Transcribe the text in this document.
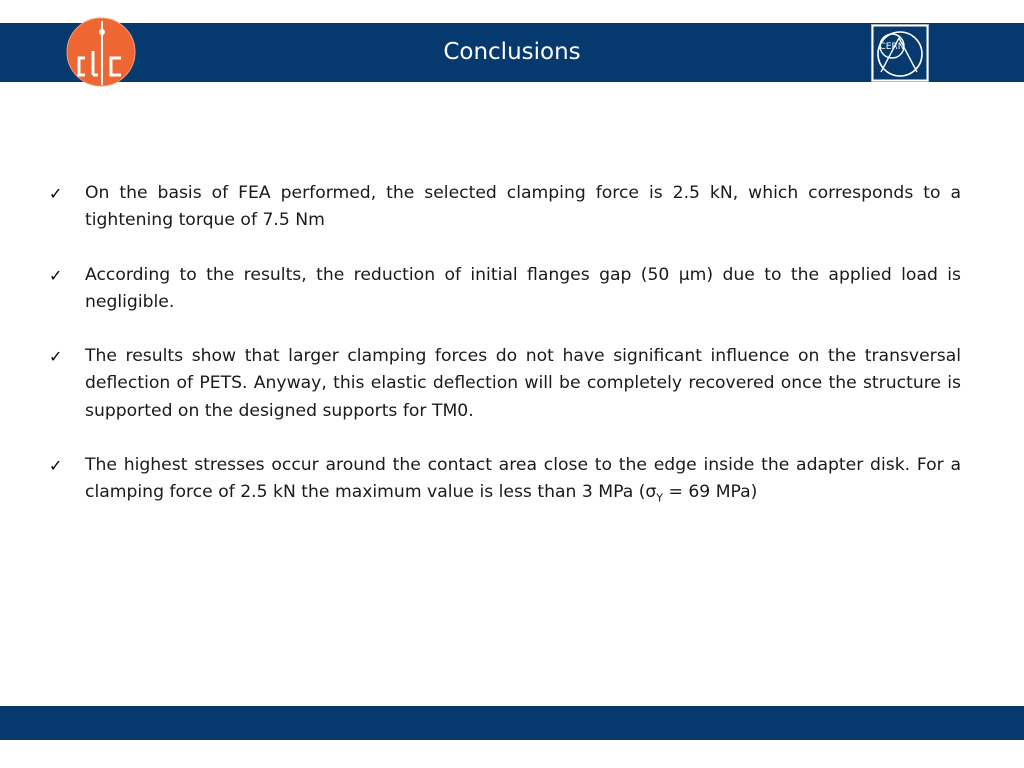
Conclusions	CERN
✓ On the basis of FEA performed, the selected clamping force is 2.5 kN, which corresponds to a tightening torque of 7.5 Nm
✓ According to the results, the reduction of initial flanges gap (50 µm) due to the applied load is negligible.
✓ The results show that larger clamping forces do not have significant influence on the transversal deflection of PETS. Anyway, this elastic deflection will be completely recovered once the structure is supported on the designed supports for TM0.
✓ The highest stresses occur around the contact area close to the edge inside the adapter disk. For a clamping force of 2.5 kN the maximum value is less than 3 MPa ($\sigma_Y = 69$ MPa)
